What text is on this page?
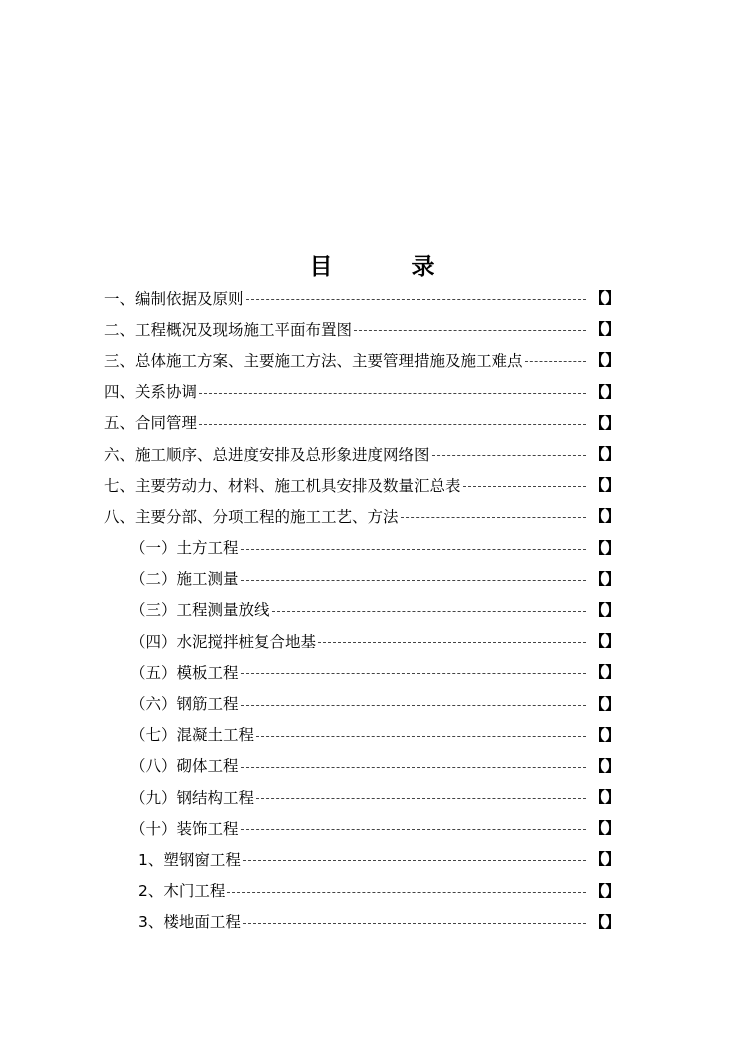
目　录
一、编制依据及原则	【】
二、工程概况及现场施工平面布置图	【】
三、总体施工方案、主要施工方法、主要管理措施及施工难点	【】
四、关系协调	【】
五、合同管理	【】
六、施工顺序、总进度安排及总形象进度网络图	【】
七、主要劳动力、材料、施工机具安排及数量汇总表	【】
八、主要分部、分项工程的施工工艺、方法	【】
（一）土方工程	【】
（二）施工测量	【】
（三）工程测量放线	【】
（四）水泥搅拌桩复合地基	【】
（五）模板工程	【】
（六）钢筋工程	【】
（七）混凝土工程	【】
（八）砌体工程	【】
（九）钢结构工程	【】
（十）装饰工程	【】
1、塑钢窗工程	【】
2、木门工程	【】
3、楼地面工程	【】
